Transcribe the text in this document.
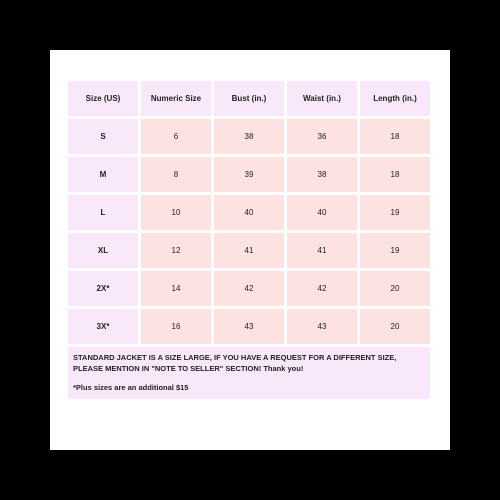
Size (US)	Numeric Size	Bust (in.)	Waist (in.)	Length (in.)
S	6	38	36	18
M	8	39	38	18
L	10	40	40	19
XL	12	41	41	19
2X*	14	42	42	20
3X*	16	43	43	20
STANDARD JACKET IS A SIZE LARGE, IF YOU HAVE A REQUEST FOR A DIFFERENT SIZE,
PLEASE MENTION IN "NOTE TO SELLER" SECTION! Thank you!
*Plus sizes are an additional $15
